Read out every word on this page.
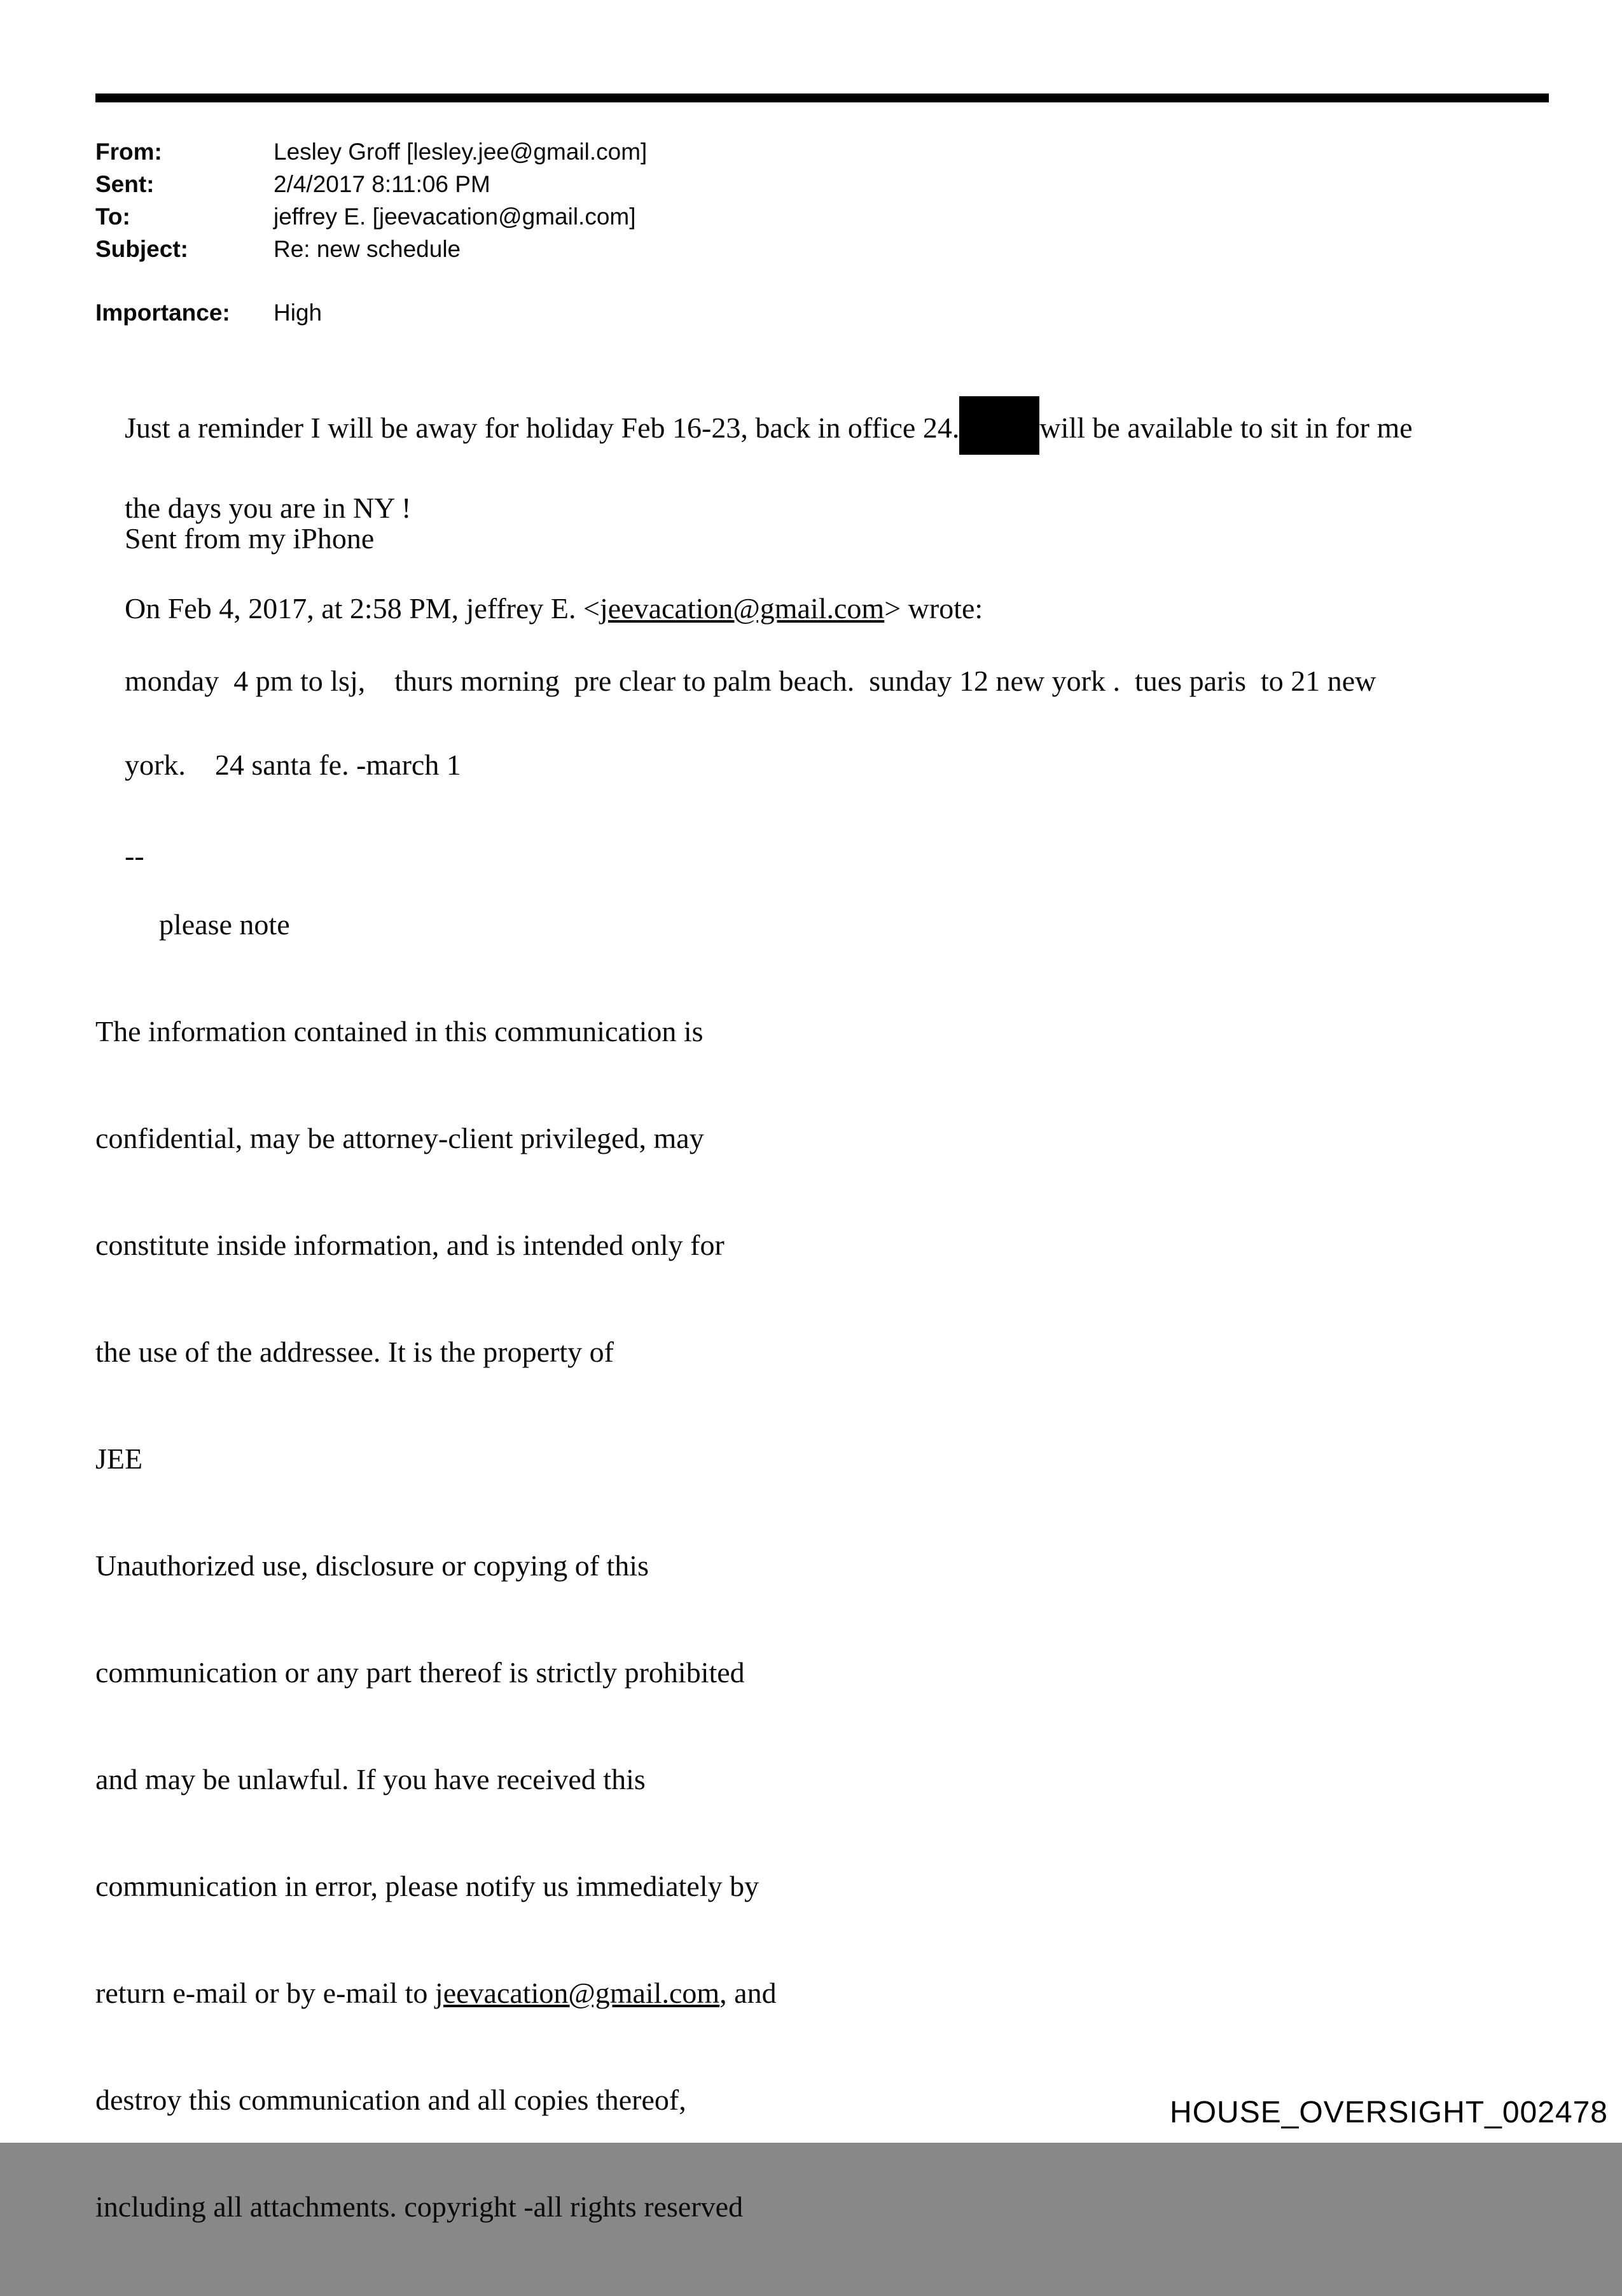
From:	Lesley Groff [lesley.jee@gmail.com]
Sent:	2/4/2017 8:11:06 PM
To:	jeffrey E. [jeevacation@gmail.com]
Subject:	Re: new schedule
Importance:	High

Just a reminder I will be away for holiday Feb 16-23, back in office 24.	will be available to sit in for me

the days you are in NY !

Sent from my iPhone

On Feb 4, 2017, at 2:58 PM, jeffrey E. <jeevacation@gmail.com> wrote:

monday  4 pm to lsj,    thurs morning  pre clear to palm beach.  sunday 12 new york .  tues paris  to 21 new

york.    24 santa fe. -march 1

--

please note

The information contained in this communication is

confidential, may be attorney-client privileged, may

constitute inside information, and is intended only for

the use of the addressee. It is the property of

JEE

Unauthorized use, disclosure or copying of this

communication or any part thereof is strictly prohibited

and may be unlawful. If you have received this

communication in error, please notify us immediately by

return e-mail or by e-mail to jeevacation@gmail.com, and

destroy this communication and all copies thereof,

including all attachments. copyright -all rights reserved

HOUSE_OVERSIGHT_002478
